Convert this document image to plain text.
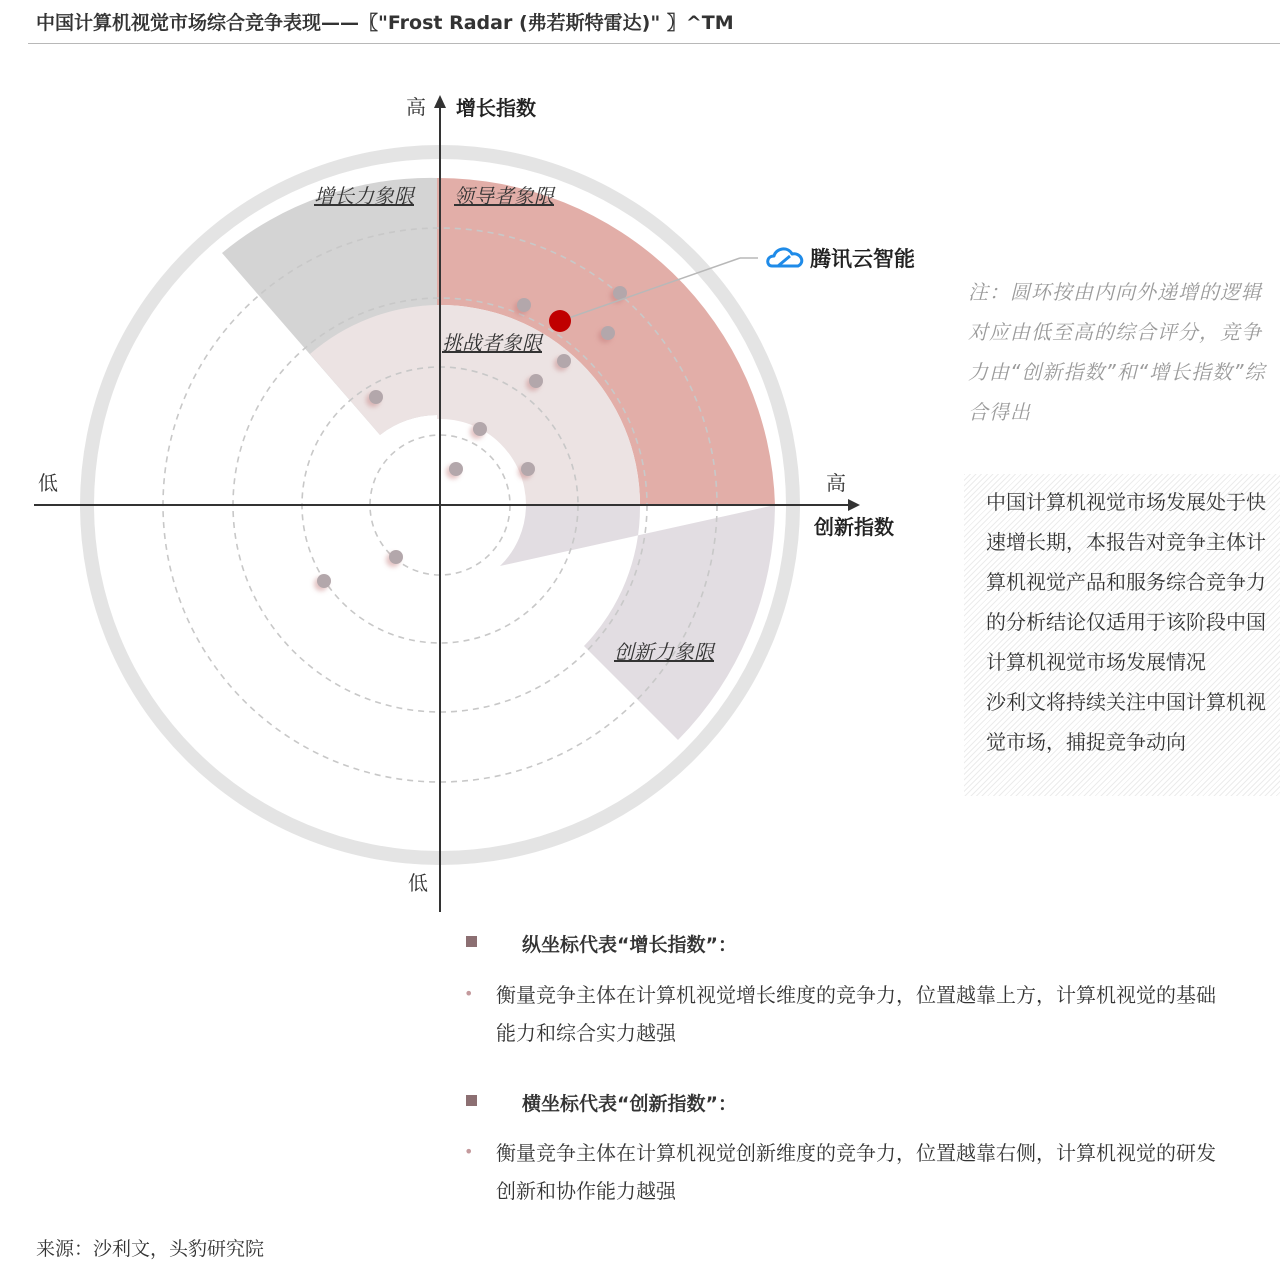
中国计算机视觉市场综合竞争表现——〖"Frost Radar (弗若斯特雷达)" 〗^TM
高 增长指数
低
低	高
创新指数
增长力象限 领导者象限
挑战者象限
创新力象限
腾讯云智能
注：圆环按由内向外递增的逻辑对应由低至高的综合评分，竞争力由“创新指数”和“增长指数”综合得出
中国计算机视觉市场发展处于快速增长期，本报告对竞争主体计算机视觉产品和服务综合竞争力的分析结论仅适用于该阶段中国计算机视觉市场发展情况
沙利文将持续关注中国计算机视觉市场，捕捉竞争动向
纵坐标代表“增长指数”：
• 衡量竞争主体在计算机视觉增长维度的竞争力，位置越靠上方，计算机视觉的基础能力和综合实力越强
横坐标代表“创新指数”：
• 衡量竞争主体在计算机视觉创新维度的竞争力，位置越靠右侧，计算机视觉的研发创新和协作能力越强
来源：沙利文，头豹研究院
